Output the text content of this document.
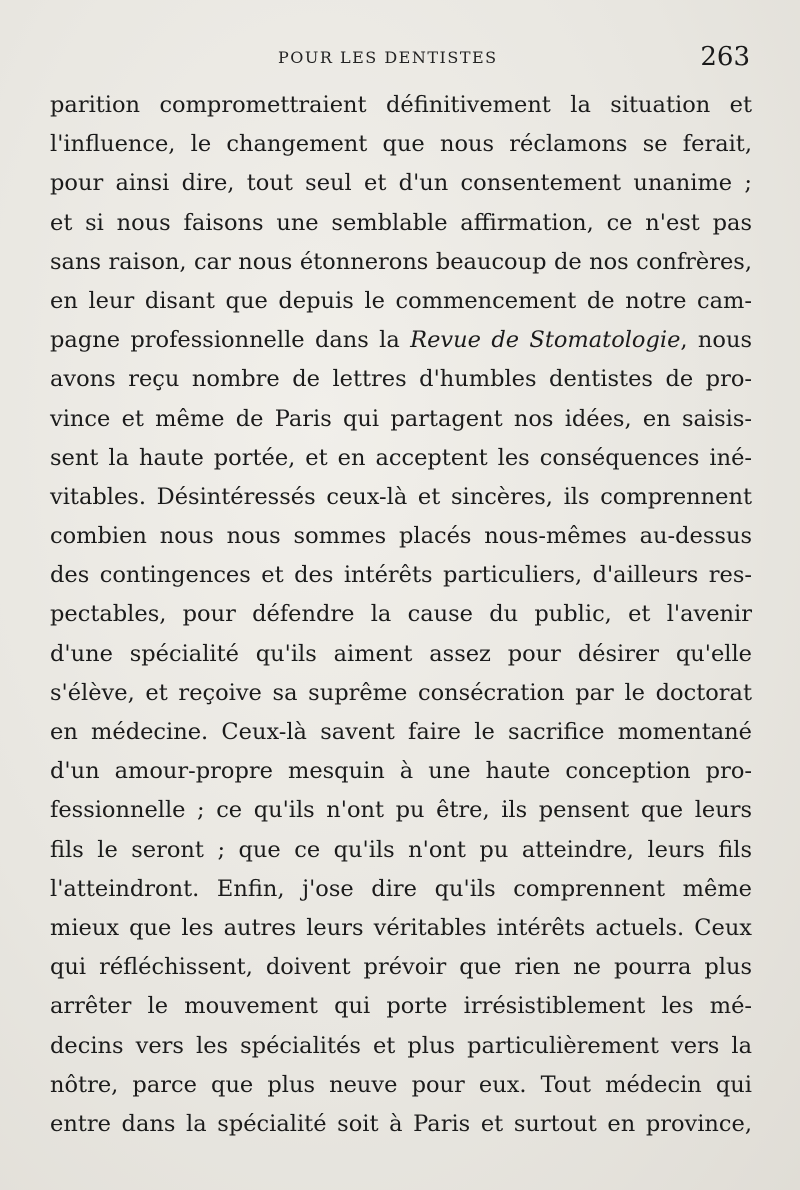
POUR LES DENTISTES	263
parition compromettraient définitivement la situation et
l'influence, le changement que nous réclamons se ferait,
pour ainsi dire, tout seul et d'un consentement unanime ;
et si nous faisons une semblable affirmation, ce n'est pas
sans raison, car nous étonnerons beaucoup de nos confrères,
en leur disant que depuis le commencement de notre cam-
pagne professionnelle dans la Revue de Stomatologie, nous
avons reçu nombre de lettres d'humbles dentistes de pro-
vince et même de Paris qui partagent nos idées, en saisis-
sent la haute portée, et en acceptent les conséquences iné-
vitables. Désintéressés ceux-là et sincères, ils comprennent
combien nous nous sommes placés nous-mêmes au-dessus
des contingences et des intérêts particuliers, d'ailleurs res-
pectables, pour défendre la cause du public, et l'avenir
d'une spécialité qu'ils aiment assez pour désirer qu'elle
s'élève, et reçoive sa suprême consécration par le doctorat
en médecine. Ceux-là savent faire le sacrifice momentané
d'un amour-propre mesquin à une haute conception pro-
fessionnelle ; ce qu'ils n'ont pu être, ils pensent que leurs
fils le seront ; que ce qu'ils n'ont pu atteindre, leurs fils
l'atteindront. Enfin, j'ose dire qu'ils comprennent même
mieux que les autres leurs véritables intérêts actuels. Ceux
qui réfléchissent, doivent prévoir que rien ne pourra plus
arrêter le mouvement qui porte irrésistiblement les mé-
decins vers les spécialités et plus particulièrement vers la
nôtre, parce que plus neuve pour eux. Tout médecin qui
entre dans la spécialité soit à Paris et surtout en province,
